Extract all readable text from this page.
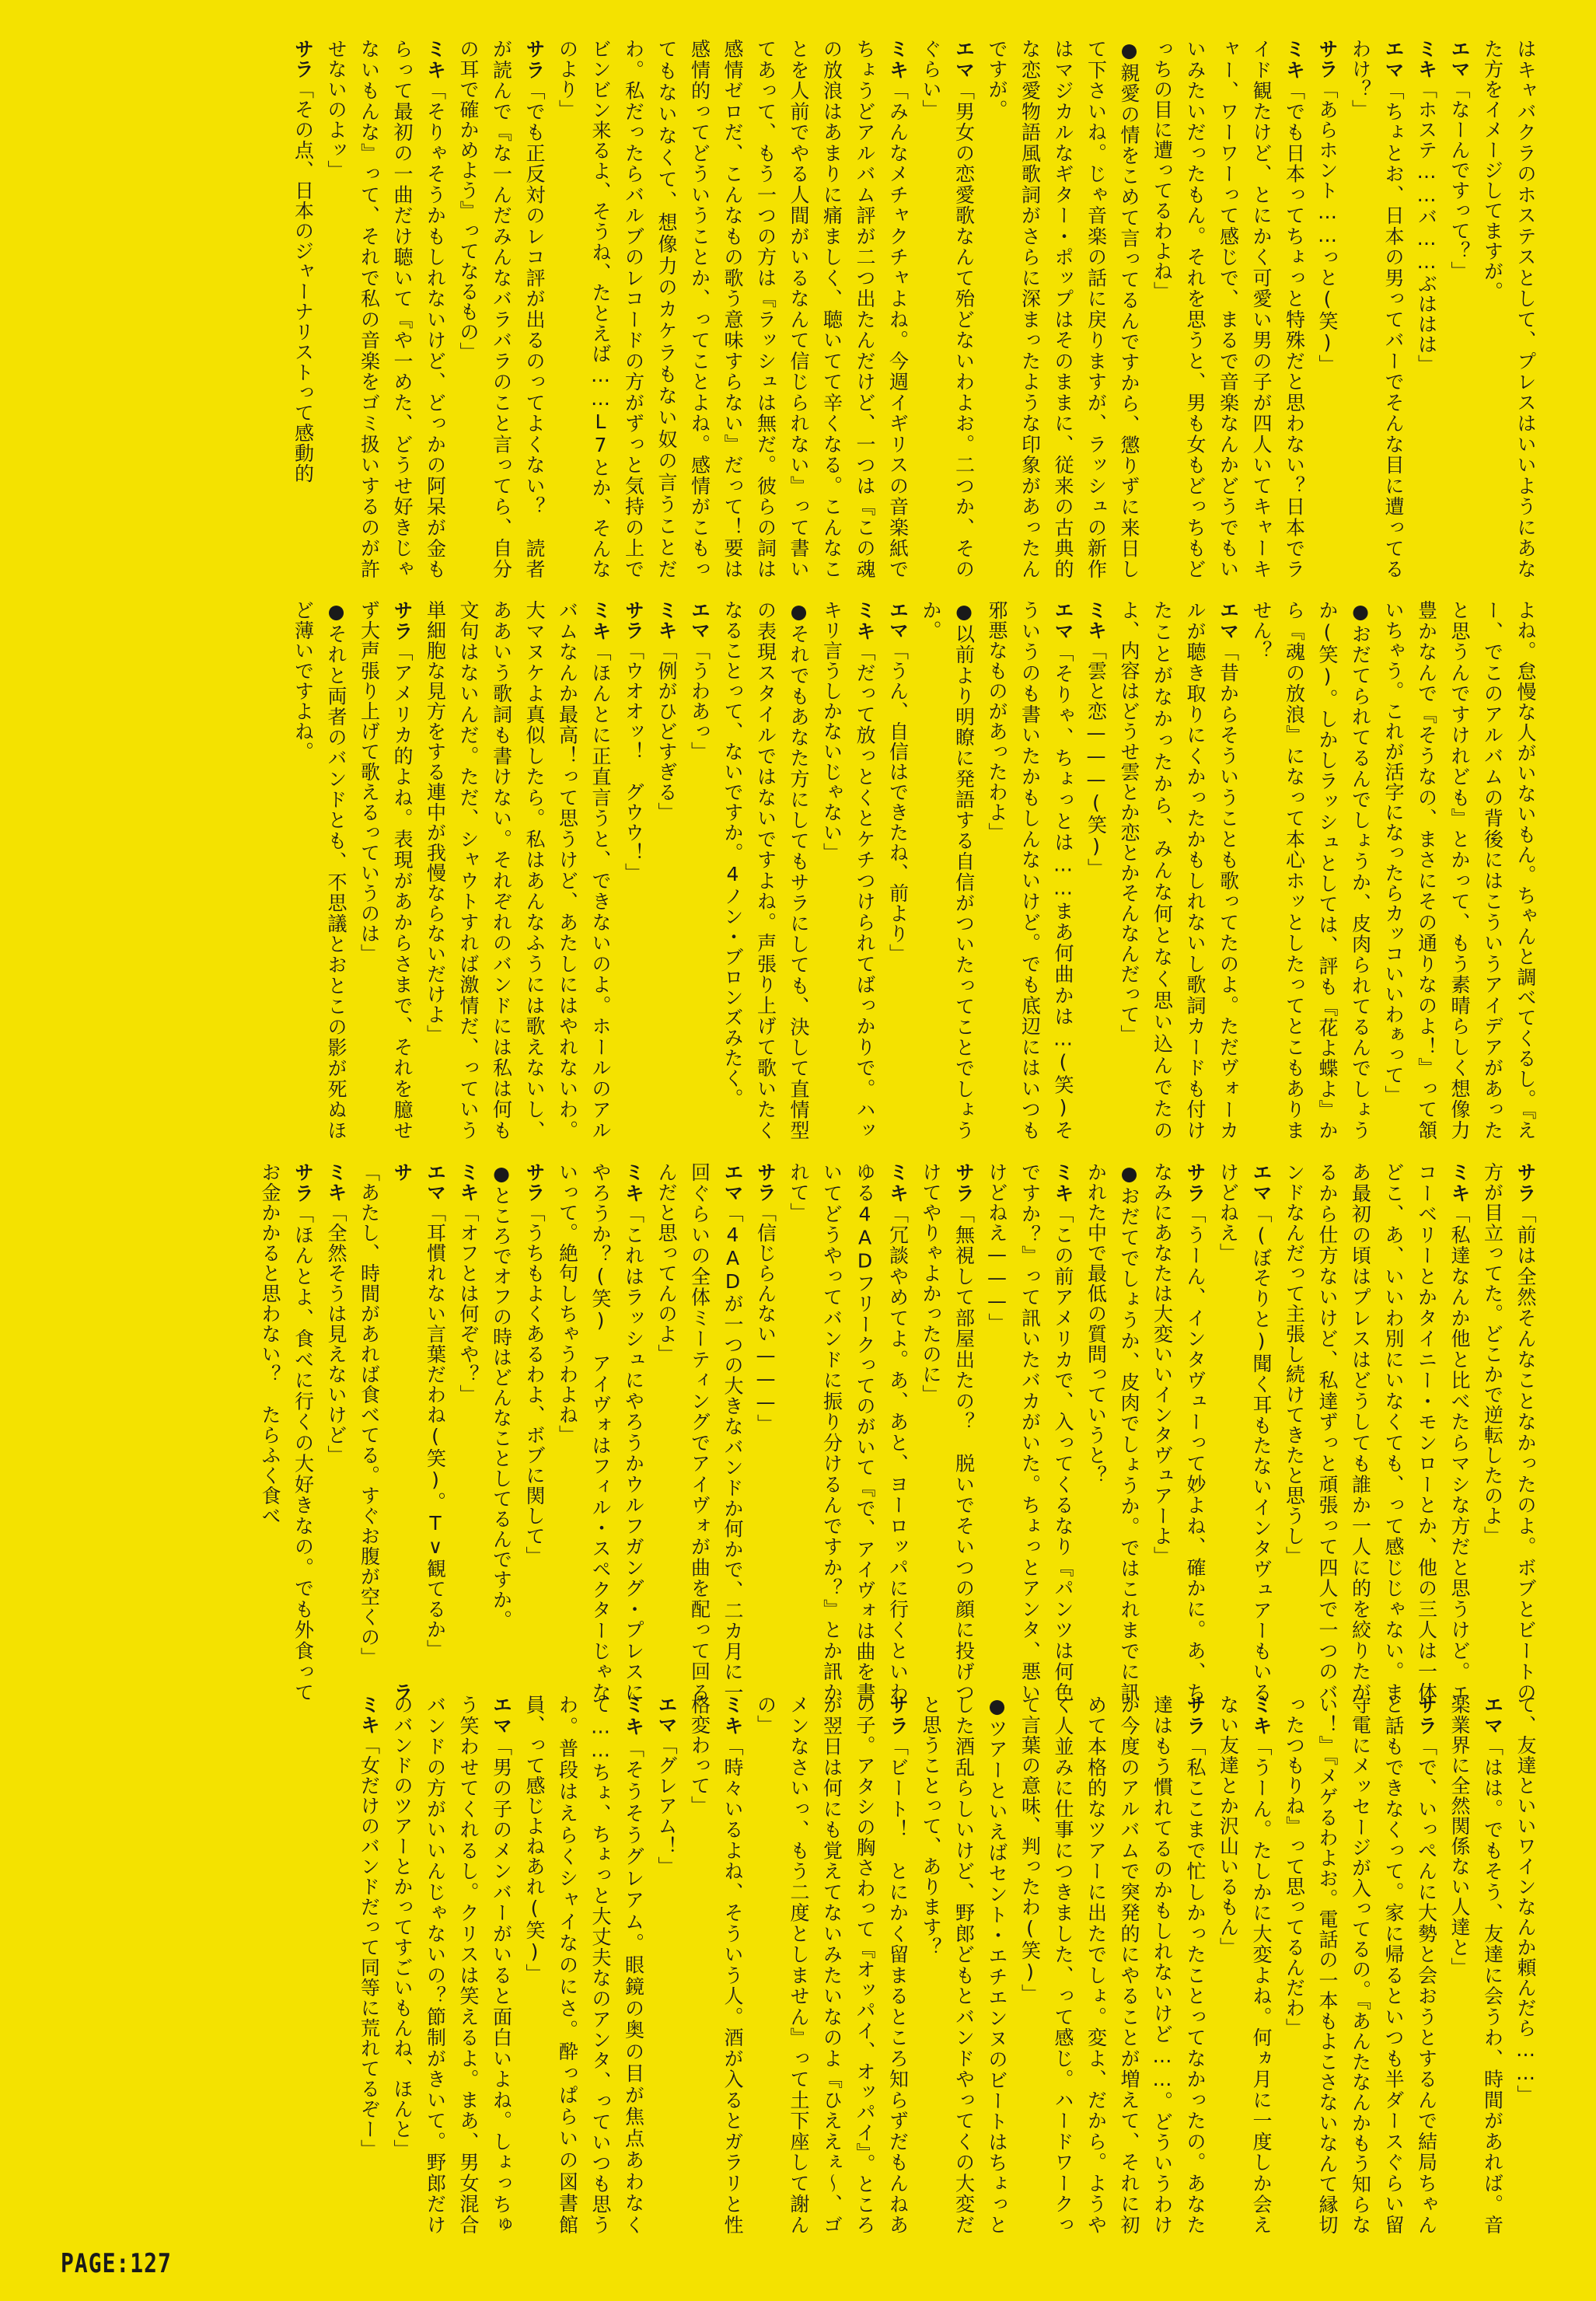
はキャバクラのホステスとして、プレスはいいようにあなた方をイメージしてますが。

エマ「なーんですって？」

ミキ「ホステ……バ……ぶははは」

エマ「ちょとお、日本の男ってバーでそんな目に遭ってるわけ？」

サラ「あらホント……っと(笑)」

ミキ「でも日本ってちょっと特殊だと思わない？日本でライド観たけど、とにかく可愛い男の子が四人いてキャーキャー、ワーワーって感じで、まるで音楽なんかどうでもいいみたいだったもん。それを思うと、男も女もどっちもどっちの目に遭ってるわよね」

●親愛の情をこめて言ってるんですから、懲りずに来日して下さいね。じゃ音楽の話に戻りますが、ラッシュの新作はマジカルなギター・ポップはそのままに、従来の古典的な恋愛物語風歌詞がさらに深まったような印象があったんですが。

エマ「男女の恋愛歌なんて殆どないわよお。二つか、そのぐらい」

ミキ「みんなメチャクチャよね。今週イギリスの音楽紙でちょうどアルバム評が二つ出たんだけど、一つは『この魂の放浪はあまりに痛ましく、聴いてて辛くなる。こんなことを人前でやる人間がいるなんて信じられない』って書いてあって、もう一つの方は『ラッシュは無だ。彼らの詞は感情ゼロだ、こんなもの歌う意味すらない』だって！要は感情的ってどういうことか、ってことよね。感情がこもってもないなくて、想像力のカケラもない奴の言うことだわ。私だったらバルブのレコードの方がずっと気持の上でビンビン来るよ、そうね、たとえば……L7とか、そんなのより」

サラ「でも正反対のレコ評が出るのってよくない？　読者が読んで『な一んだみんなバラバラのこと言ってら、自分の耳で確かめよう』ってなるもの」

ミキ「そりゃそうかもしれないけど、どっかの阿呆が金もらって最初の一曲だけ聴いて『や一めた、どうせ好きじゃないもんな』って、それで私の音楽をゴミ扱いするのが許せないのよッ」

サラ「その点、日本のジャーナリストって感動的

よね。怠慢な人がいないもん。ちゃんと調べてくるし。『えー、でこのアルバムの背後にはこういうアイデアがあったと思うんですけれども』とかって、もう素晴らしく想像力豊かなんで『そうなの、まさにその通りなのよ！』って頷いちゃう。これが活字になったらカッコいいわぁって」

●おだてられてるんでしょうか、皮肉られてるんでしょうか(笑)。しかしラッシュとしては、評も『花よ蝶よ』から『魂の放浪』になって本心ホッとしたってとこもありません？

エマ「昔からそういうことも歌ってたのよ。ただヴォーカルが聴き取りにくかったかもしれないし歌詞カードも付けたことがなかったから、みんな何となく思い込んでたのよ、内容はどうせ雲とか恋とかそんなんだって」

ミキ「雲と恋———(笑)」

エマ「そりゃ、ちょっとは……まあ何曲かは…(笑)そういうのも書いたかもしんないけど。でも底辺にはいつも邪悪なものがあったわよ」

●以前より明瞭に発語する自信がついたってことでしょうか。

エマ「うん、自信はできたね、前より」

ミキ「だって放っとくとケチつけられてばっかりで。ハッキリ言うしかないじゃない」

●それでもあなた方にしてもサラにしても、決して直情型の表現スタイルではないですよね。声張り上げて歌いたくなることって、ないですか。4ノン・ブロンズみたく。

エマ「うわあっ」

ミキ「例がひどすぎる」

サラ「ウオオッ！　グウウ！」

ミキ「ほんとに正直言うと、できないのよ。ホールのアルバムなんか最高！って思うけど、あたしにはやれないわ。大マヌケよ真似したら。私はあんなふうには歌えないし、ああいう歌詞も書けない。それぞれのバンドには私は何も文句はないんだ。ただ、シャウトすれば激情だ、っていう単細胞な見方をする連中が我慢ならないだけよ」

サラ「アメリカ的よね。表現があからさまで、それを臆せず大声張り上げて歌えるっていうのは」

●それと両者のバンドとも、不思議とおとこの影が死ぬほど薄いですよね。

サラ「前は全然そんなことなかったのよ。ボブとビートの方が目立ってた。どこかで逆転したのよ」

ミキ「私達なんか他と比べたらマシな方だと思うけど。エコーベリーとかタイニー・モンローとか、他の三人は一体どこ、あ、いいわ別にいなくても、って感じじゃない。まあ最初の頃はプレスはどうしても誰か一人に的を絞りたがるから仕方ないけど、私達ずっと頑張って四人で一つのバンドなんだって主張し続けてきたと思うし」

エマ「(ぼそりと)聞く耳もたないインタヴュアーもいるけどねえ」

サラ「うーん、インタヴューって妙よね、確かに。あ、ちなみにあなたは大変いいインタヴュアーよ」

●おだてでしょうか、皮肉でしょうか。ではこれまでに訊かれた中で最低の質問っていうと？

ミキ「この前アメリカで、入ってくるなり『パンツは何色ですか？』って訊いたバカがいた。ちょっとアンタ、悪いけどねえ———」

サラ「無視して部屋出たの？　脱いでそいつの顔に投げつけてやりゃよかったのに」

ミキ「冗談やめてよ。あ、あと、ヨーロッパに行くといわゆる4ADフリークってのがいて『で、アイヴォは曲を書いてどうやってバンドに振り分けるんですか？』とか訊かれて」

サラ「信じらんない———」

エマ「4ADが一つの大きなバンドか何かで、二カ月に一回ぐらいの全体ミーティングでアイヴォが曲を配って回るんだと思ってんのよ」

ミキ「これはラッシュにやろうかウルフガング・プレスにやろうか？(笑)　アイヴォはフィル・スペクターじゃないって。絶句しちゃうわよね」

サラ「うちもよくあるわよ、ボブに関して」

●ところでオフの時はどんなことしてるんですか。

ミキ「オフとは何ぞや？」

エマ「耳慣れない言葉だわね(笑)。T∨観てるか」

サラ「あたし、時間があれば食べてる。すぐお腹が空くの」

ミキ「全然そうは見えないけど」

サラ「ほんとよ、食べに行くの大好きなの。でも外食ってお金かかると思わない？　たらふく食べ

て、友達といいワインなんか頼んだら……」

エマ「はは。でもそう、友達に会うわ、時間があれば。音楽業界に全然関係ない人達と」

サラ「で、いっぺんに大勢と会おうとするんで結局ちゃんと話もできなくって。家に帰るといつも半ダースぐらい留守電にメッセージが入ってるの。『あんたなんかもう知らない！』『メゲるわよお。電話の一本もよこさないなんて縁切ったつもりね』って思ってるんだわ」

ミキ「うーん。たしかに大変よね。何ヵ月に一度しか会えない友達とか沢山いるもん」

サラ「私ここまで忙しかったことってなかったの。あなた達はもう慣れてるのかもしれないけど……。どういうわけか今度のアルバムで突発的にやることが増えて、それに初めて本格的なツアーに出たでしょ。変よ、だから。ようやく人並みに仕事につきました、って感じ。ハードワークって言葉の意味、判ったわ(笑)」

●ツアーといえばセント・エチエンヌのビートはちょっとした酒乱らしいけど、野郎どもとバンドやってくの大変だと思うことって、あります？

サラ「ビート！　とにかく留まるところ知らずだもんねあの子。アタシの胸さわって『オッパイ、オッパイ』。ところが翌日は何にも覚えてないみたいなのよ『ひええぇ〜、ゴメンなさいっ、もう二度としません』って土下座して謝んの」

ミキ「時々いるよね、そういう人。酒が入るとガラリと性格変わって」

エマ「グレアム！」

ミキ「そうそうグレアム。眼鏡の奥の目が焦点あわなくて……ちょ、ちょっと大丈夫なのアンタ、っていつも思うわ。普段はえらくシャイなのにさ。酔っぱらいの図書館員、って感じよねあれ(笑)」

エマ「男の子のメンバーがいると面白いよね。しょっちゅう笑わせてくれるし。クリスは笑えるよ。まあ、男女混合バンドの方がいいんじゃないの？節制がきいて。野郎だけのバンドのツアーとかってすごいもんね、ほんと」

ミキ「女だけのバンドだって同等に荒れてるぞー」

PAGE:127
